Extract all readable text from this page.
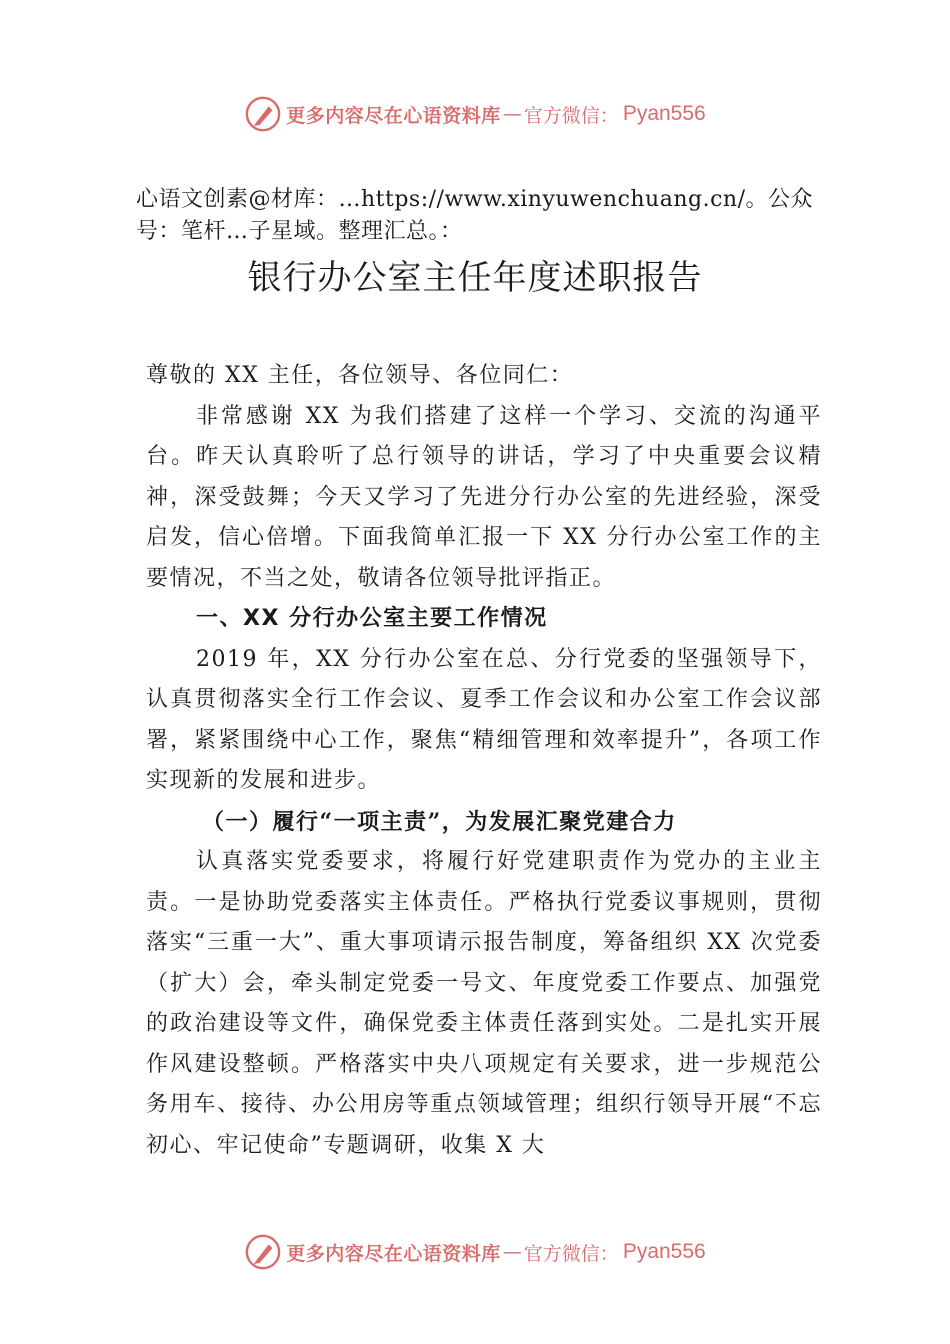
更多内容尽在心语资料库 — 官方微信： Pyan556
心语文创素@材库：…https://www.xinyuwenchuang.cn/。公众号：笔杆…子星域。整理汇总。：
银行办公室主任年度述职报告

尊敬的 XX 主任，各位领导、各位同仁：

非常感谢 XX 为我们搭建了这样一个学习、交流的沟通平台。昨天认真聆听了总行领导的讲话，学习了中央重要会议精神，深受鼓舞；今天又学习了先进分行办公室的先进经验，深受启发，信心倍增。下面我简单汇报一下 XX 分行办公室工作的主要情况，不当之处，敬请各位领导批评指正。

一、XX 分行办公室主要工作情况

2019 年，XX 分行办公室在总、分行党委的坚强领导下，认真贯彻落实全行工作会议、夏季工作会议和办公室工作会议部署，紧紧围绕中心工作，聚焦“精细管理和效率提升”，各项工作实现新的发展和进步。

（一）履行“一项主责”，为发展汇聚党建合力

认真落实党委要求，将履行好党建职责作为党办的主业主责。一是协助党委落实主体责任。严格执行党委议事规则，贯彻落实“三重一大”、重大事项请示报告制度，筹备组织 XX 次党委（扩大）会，牵头制定党委一号文、年度党委工作要点、加强党的政治建设等文件，确保党委主体责任落到实处。二是扎实开展作风建设整顿。严格落实中央八项规定有关要求，进一步规范公务用车、接待、办公用房等重点领域管理；组织行领导开展“不忘初心、牢记使命”专题调研，收集 X 大

更多内容尽在心语资料库 — 官方微信： Pyan556
